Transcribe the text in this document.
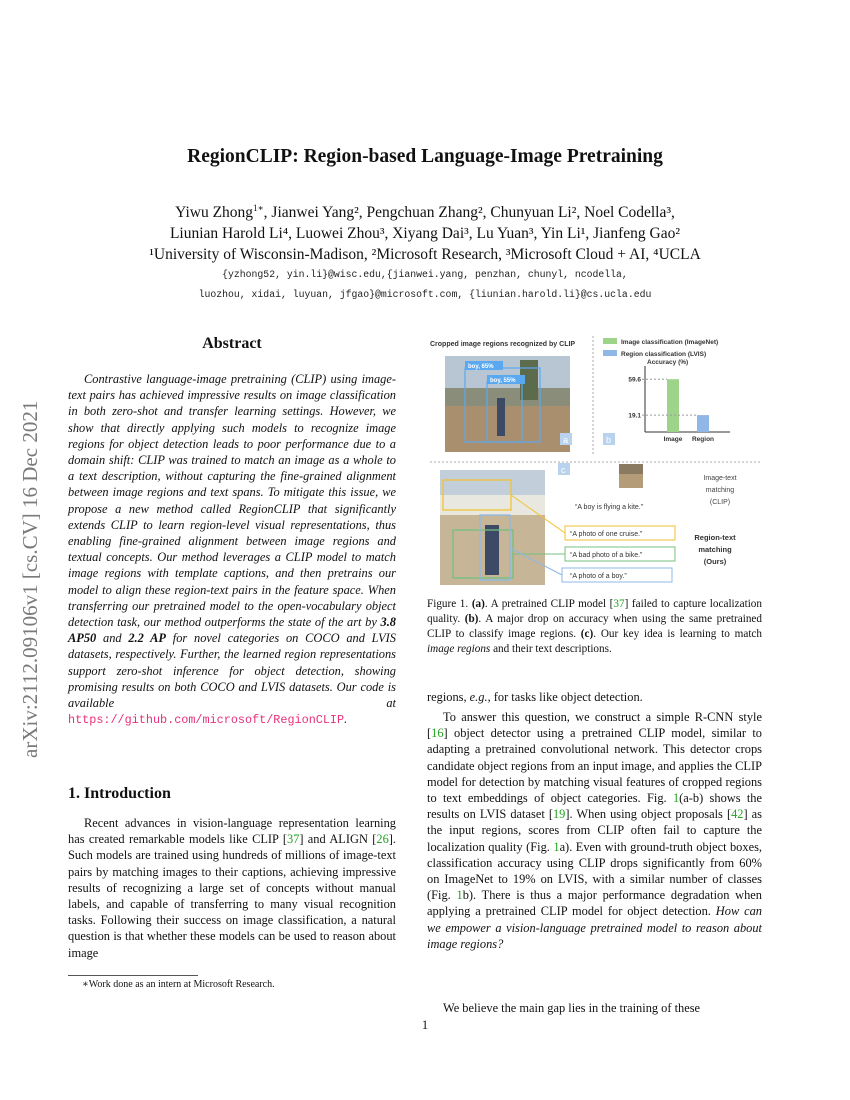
arXiv:2112.09106v1 [cs.CV] 16 Dec 2021
RegionCLIP: Region-based Language-Image Pretraining
Yiwu Zhong$^{1∗}$, Jianwei Yang², Pengchuan Zhang², Chunyuan Li², Noel Codella³,
Liunian Harold Li⁴, Luowei Zhou³, Xiyang Dai³, Lu Yuan³, Yin Li¹, Jianfeng Gao²
¹University of Wisconsin-Madison, ²Microsoft Research, ³Microsoft Cloud + AI, ⁴UCLA
{yzhong52, yin.li}@wisc.edu,{jianwei.yang, penzhan, chunyl, ncodella,
luozhou, xidai, luyuan, jfgao}@microsoft.com, {liunian.harold.li}@cs.ucla.edu
Abstract
Contrastive language-image pretraining (CLIP) using image-text pairs has achieved impressive results on image classification in both zero-shot and transfer learning settings. However, we show that directly applying such models to recognize image regions for object detection leads to poor performance due to a domain shift: CLIP was trained to match an image as a whole to a text description, without capturing the fine-grained alignment between image regions and text spans. To mitigate this issue, we propose a new method called RegionCLIP that significantly extends CLIP to learn region-level visual representations, thus enabling fine-grained alignment between image regions and textual concepts. Our method leverages a CLIP model to match image regions with template captions, and then pretrains our model to align these region-text pairs in the feature space. When transferring our pretrained model to the open-vocabulary object detection task, our method outperforms the state of the art by 3.8 AP50 and 2.2 AP for novel categories on COCO and LVIS datasets, respectively. Further, the learned region representations support zero-shot inference for object detection, showing promising results on both COCO and LVIS datasets. Our code is available at https://github.com/microsoft/RegionCLIP.
1. Introduction
Recent advances in vision-language representation learning has created remarkable models like CLIP [37] and ALIGN [26]. Such models are trained using hundreds of millions of image-text pairs by matching images to their captions, achieving impressive results of recognizing a large set of concepts without manual labels, and capable of transferring to many visual recognition tasks. Following their success on image classification, a natural question is that whether these models can be used to reason about image
∗Work done as an intern at Microsoft Research.
Cropped image regions recognized by CLIP
boy, 65%
boy, 55%
a
Image classification (ImageNet)
Region classification (LVIS)
Accuracy (%)
59.6
Image
19.1
Region
b
c
“A boy is flying a kite.”
Image-text
matching
(CLIP)
“A photo of one cruise.”
“A bad photo of a bike.”
“A photo of a boy.”
Region-text
matching
(Ours)
Figure 1. (a). A pretrained CLIP model [37] failed to capture localization quality. (b). A major drop on accuracy when using the same pretrained CLIP to classify image regions. (c). Our key idea is learning to match image regions and their text descriptions.
regions, e.g., for tasks like object detection.
To answer this question, we construct a simple R-CNN style [16] object detector using a pretrained CLIP model, similar to adapting a pretrained convolutional network. This detector crops candidate object regions from an input image, and applies the CLIP model for detection by matching visual features of cropped regions to text embeddings of object categories. Fig. 1(a-b) shows the results on LVIS dataset [19]. When using object proposals [42] as the input regions, scores from CLIP often fail to capture the localization quality (Fig. 1a). Even with ground-truth object boxes, classification accuracy using CLIP drops significantly from 60% on ImageNet to 19% on LVIS, with a similar number of classes (Fig. 1b). There is thus a major performance degradation when applying a pretrained CLIP model for object detection. How can we empower a vision-language pretrained model to reason about image regions?
We believe the main gap lies in the training of these
1
